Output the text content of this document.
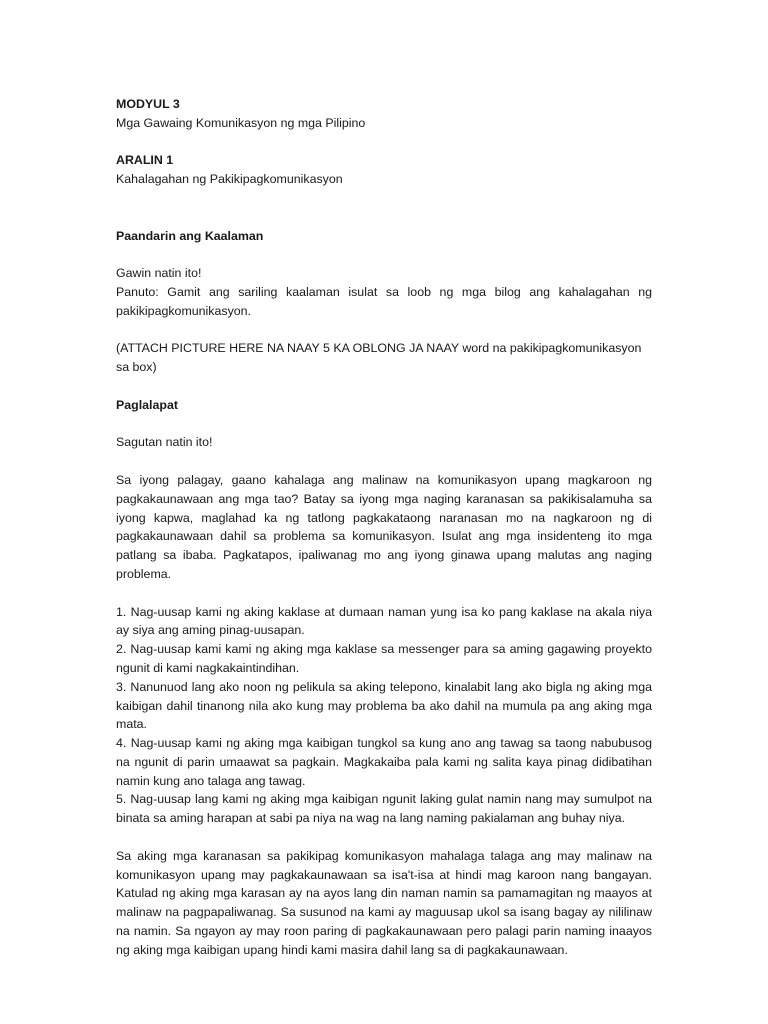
MODYUL 3

Mga Gawaing Komunikasyon ng mga Pilipino

ARALIN 1

Kahalagahan ng Pakikipagkomunikasyon

Paandarin ang Kaalaman

Gawin natin ito!

Panuto: Gamit ang sariling kaalaman isulat sa loob ng mga bilog ang kahalagahan ng pakikipagkomunikasyon.

(ATTACH PICTURE HERE NA NAAY 5 KA OBLONG JA NAAY word na pakikipagkomunikasyon sa box)

Paglalapat

Sagutan natin ito!

Sa iyong palagay, gaano kahalaga ang malinaw na komunikasyon upang magkaroon ng pagkakaunawaan ang mga tao? Batay sa iyong mga naging karanasan sa pakikisalamuha sa iyong kapwa, maglahad ka ng tatlong pagkakataong naranasan mo na nagkaroon ng di pagkakaunawaan dahil sa problema sa komunikasyon. Isulat ang mga insidenteng ito mga patlang sa ibaba. Pagkatapos, ipaliwanag mo ang iyong ginawa upang malutas ang naging problema.

1. Nag-uusap kami ng aking kaklase at dumaan naman yung isa ko pang kaklase na akala niya ay siya ang aming pinag-uusapan.

2. Nag-uusap kami kami ng aking mga kaklase sa messenger para sa aming gagawing proyekto ngunit di kami nagkakaintindihan.

3. Nanunuod lang ako noon ng pelikula sa aking telepono, kinalabit lang ako bigla ng aking mga kaibigan dahil tinanong nila ako kung may problema ba ako dahil na mumula pa ang aking mga mata.

4. Nag-uusap kami ng aking mga kaibigan tungkol sa kung ano ang tawag sa taong nabubusog na ngunit di parin umaawat sa pagkain. Magkakaiba pala kami ng salita kaya pinag didibatihan namin kung ano talaga ang tawag.

5. Nag-uusap lang kami ng aking mga kaibigan ngunit laking gulat namin nang may sumulpot na binata sa aming harapan at sabi pa niya na wag na lang naming pakialaman ang buhay niya.

Sa aking mga karanasan sa pakikipag komunikasyon mahalaga talaga ang may malinaw na komunikasyon upang may pagkakaunawaan sa isa't-isa at hindi mag karoon nang bangayan. Katulad ng aking mga karasan ay na ayos lang din naman namin sa pamamagitan ng maayos at malinaw na pagpapaliwanag. Sa susunod na kami ay maguusap ukol sa isang bagay ay nililinaw na namin. Sa ngayon ay may roon paring di pagkakaunawaan pero palagi parin naming inaayos ng aking mga kaibigan upang hindi kami masira dahil lang sa di pagkakaunawaan.
